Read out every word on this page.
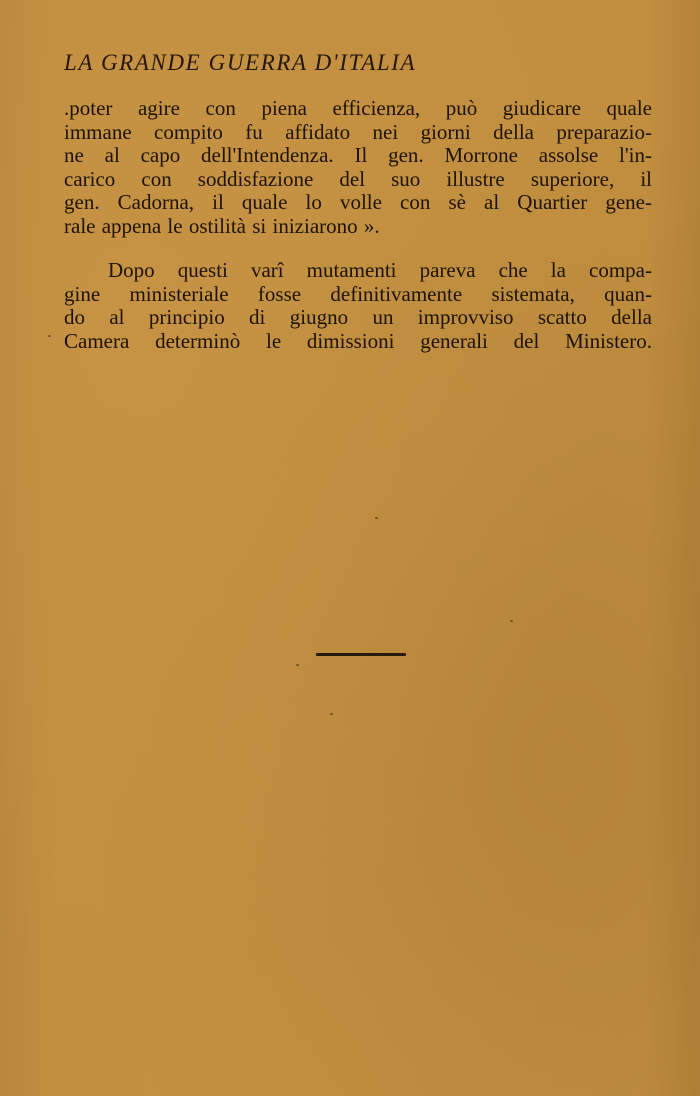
LA GRANDE GUERRA D'ITALIA
.poter agire con piena efficienza, può giudicare quale
immane compito fu affidato nei giorni della preparazio-
ne al capo dell'Intendenza. Il gen. Morrone assolse l'in-
carico con soddisfazione del suo illustre superiore, il
gen. Cadorna, il quale lo volle con sè al Quartier gene-
rale appena le ostilità si iniziarono ».
Dopo questi varî mutamenti pareva che la compa-
gine ministeriale fosse definitivamente sistemata, quan-
do al principio di giugno un improvviso scatto della
Camera determinò le dimissioni generali del Ministero.
